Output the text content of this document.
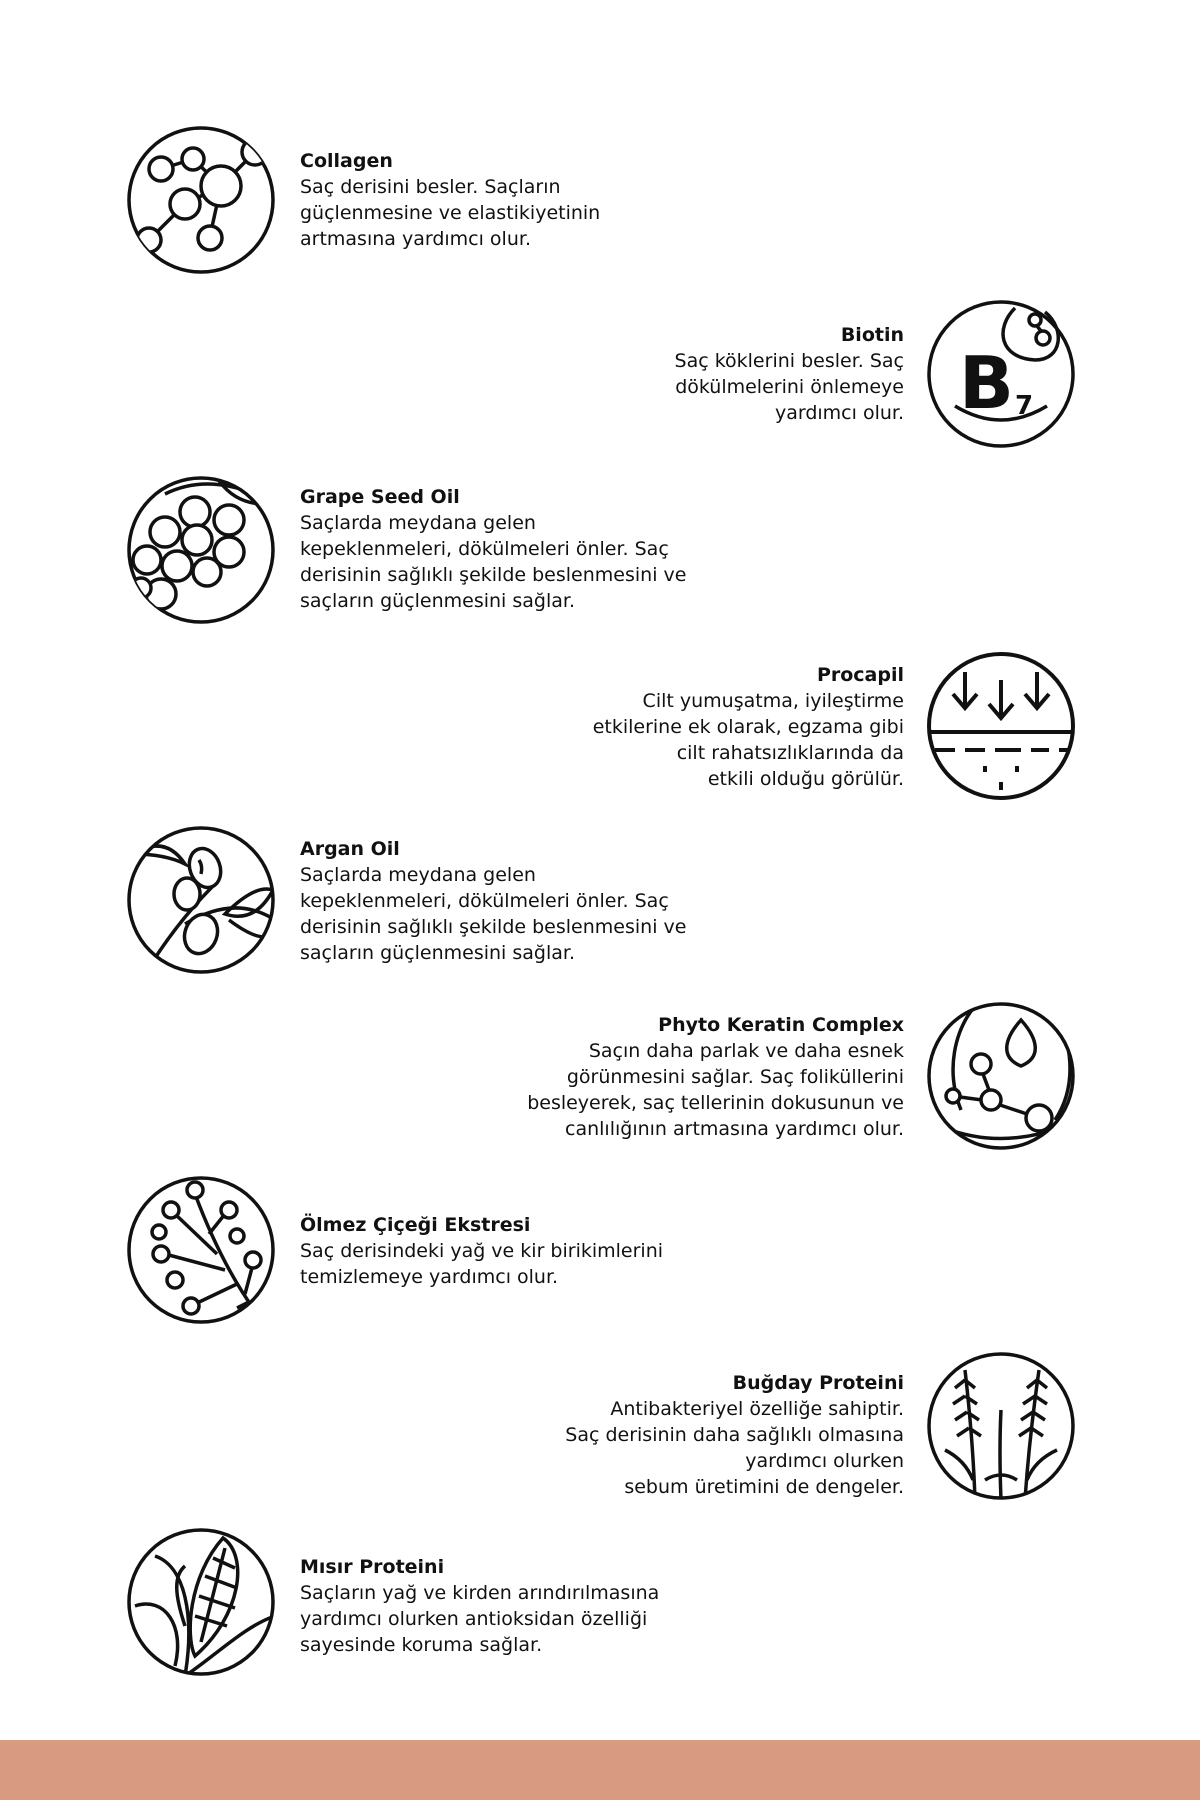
Collagen
Saç derisini besler. Saçların
güçlenmesine ve elastikiyetinin
artmasına yardımcı olur.
B 7
Biotin
Saç köklerini besler. Saç
dökülmelerini önlemeye
yardımcı olur.
Grape Seed Oil
Saçlarda meydana gelen
kepeklenmeleri, dökülmeleri önler. Saç
derisinin sağlıklı şekilde beslenmesini ve
saçların güçlenmesini sağlar.
Procapil
Cilt yumuşatma, iyileştirme
etkilerine ek olarak, egzama gibi
cilt rahatsızlıklarında da
etkili olduğu görülür.
Argan Oil
Saçlarda meydana gelen
kepeklenmeleri, dökülmeleri önler. Saç
derisinin sağlıklı şekilde beslenmesini ve
saçların güçlenmesini sağlar.
Phyto Keratin Complex
Saçın daha parlak ve daha esnek
görünmesini sağlar. Saç foliküllerini
besleyerek, saç tellerinin dokusunun ve
canlılığının artmasına yardımcı olur.
Ölmez Çiçeği Ekstresi
Saç derisindeki yağ ve kir birikimlerini
temizlemeye yardımcı olur.
Buğday Proteini
Antibakteriyel özelliğe sahiptir.
Saç derisinin daha sağlıklı olmasına
yardımcı olurken
sebum üretimini de dengeler.
Mısır Proteini
Saçların yağ ve kirden arındırılmasına
yardımcı olurken antioksidan özelliği
sayesinde koruma sağlar.
